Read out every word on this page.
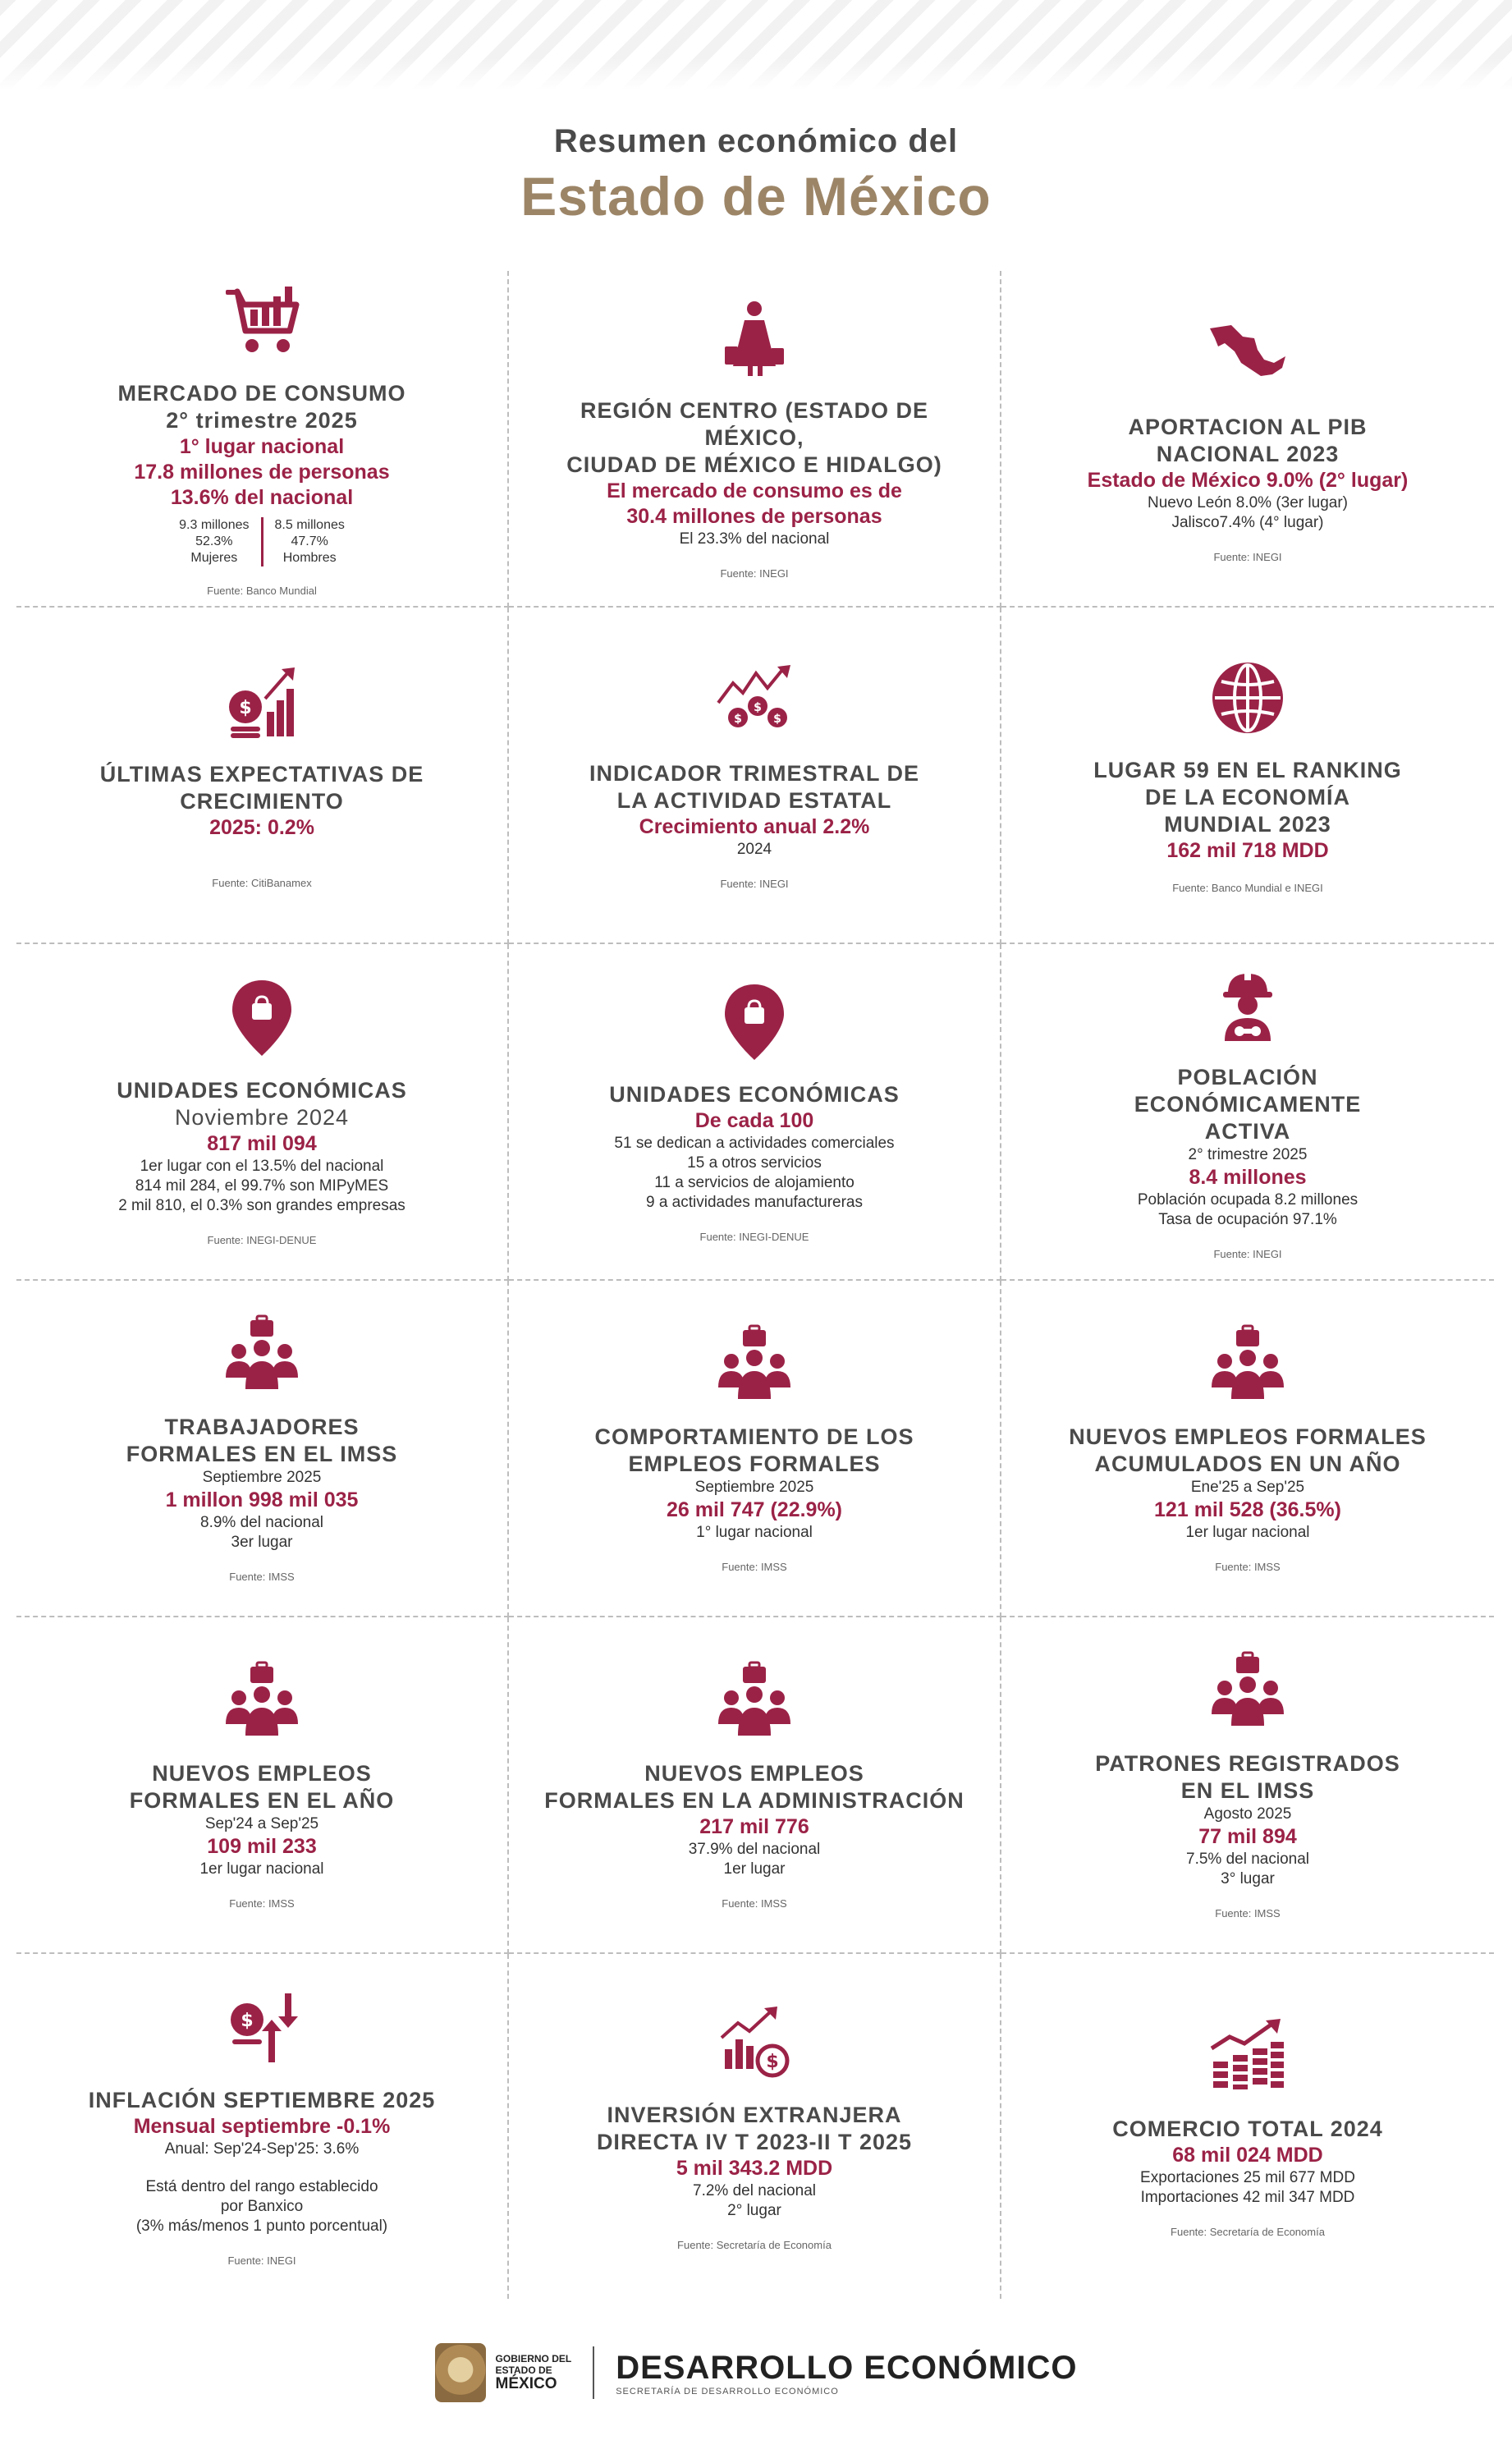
Resumen económico del
Estado de México
MERCADO DE CONSUMO
2° trimestre 2025
1° lugar nacional
17.8 millones de personas
13.6% del nacional
9.3 millones
52.3%
Mujeres
8.5 millones
47.7%
Hombres
Fuente: Banco Mundial
REGIÓN CENTRO (ESTADO DE MÉXICO,
CIUDAD DE MÉXICO E HIDALGO)
El mercado de consumo es de
30.4 millones de personas
El 23.3% del nacional
Fuente: INEGI
APORTACION AL PIB
NACIONAL 2023
Estado de México 9.0% (2° lugar)
Nuevo León 8.0% (3er lugar)
Jalisco7.4% (4° lugar)
Fuente: INEGI
$
ÚLTIMAS EXPECTATIVAS DE
CRECIMIENTO
2025: 0.2%
Fuente: CitiBanamex
$
$
$
INDICADOR TRIMESTRAL DE
LA ACTIVIDAD ESTATAL
Crecimiento anual 2.2%
2024
Fuente: INEGI
LUGAR 59 EN EL RANKING
DE LA ECONOMÍA
MUNDIAL 2023
162 mil 718 MDD
Fuente: Banco Mundial e INEGI
UNIDADES ECONÓMICAS
Noviembre 2024
817 mil 094
1er lugar con el 13.5% del nacional
814 mil 284, el 99.7% son MIPyMES
2 mil 810, el 0.3% son grandes empresas
Fuente: INEGI-DENUE
UNIDADES ECONÓMICAS
De cada 100
51 se dedican a actividades comerciales
15 a otros servicios
11 a servicios de alojamiento
9 a actividades manufactureras
Fuente: INEGI-DENUE
POBLACIÓN
ECONÓMICAMENTE
ACTIVA
2° trimestre 2025
8.4 millones
Población ocupada 8.2 millones
Tasa de ocupación 97.1%
Fuente: INEGI
TRABAJADORES
FORMALES EN EL IMSS
Septiembre 2025
1 millon 998 mil 035
8.9% del nacional
3er lugar
Fuente: IMSS
COMPORTAMIENTO DE LOS
EMPLEOS FORMALES
Septiembre 2025
26 mil 747 (22.9%)
1° lugar nacional
Fuente: IMSS
NUEVOS EMPLEOS FORMALES
ACUMULADOS EN UN AÑO
Ene'25 a Sep'25
121 mil 528 (36.5%)
1er lugar nacional
Fuente: IMSS
NUEVOS EMPLEOS
FORMALES EN EL AÑO
Sep'24 a Sep'25
109 mil 233
1er lugar nacional
Fuente: IMSS
NUEVOS EMPLEOS
FORMALES EN LA ADMINISTRACIÓN
217 mil 776
37.9% del nacional
1er lugar
Fuente: IMSS
PATRONES REGISTRADOS
EN EL IMSS
Agosto 2025
77 mil 894
7.5% del nacional
3° lugar
Fuente: IMSS
$
INFLACIÓN SEPTIEMBRE 2025
Mensual septiembre -0.1%
Anual: Sep'24-Sep'25: 3.6%
Está dentro del rango establecido
por Banxico
(3% más/menos 1 punto porcentual)
Fuente: INEGI
$
INVERSIÓN EXTRANJERA
DIRECTA IV T 2023-II T 2025
5 mil 343.2 MDD
7.2% del nacional
2° lugar
Fuente: Secretaría de Economía
COMERCIO TOTAL 2024
68 mil 024 MDD
Exportaciones 25 mil 677 MDD
Importaciones 42 mil 347 MDD
Fuente: Secretaría de Economía
GOBIERNO DEL
ESTADO DE
MÉXICO	DESARROLLO ECONÓMICO
SECRETARÍA DE DESARROLLO ECONÓMICO
